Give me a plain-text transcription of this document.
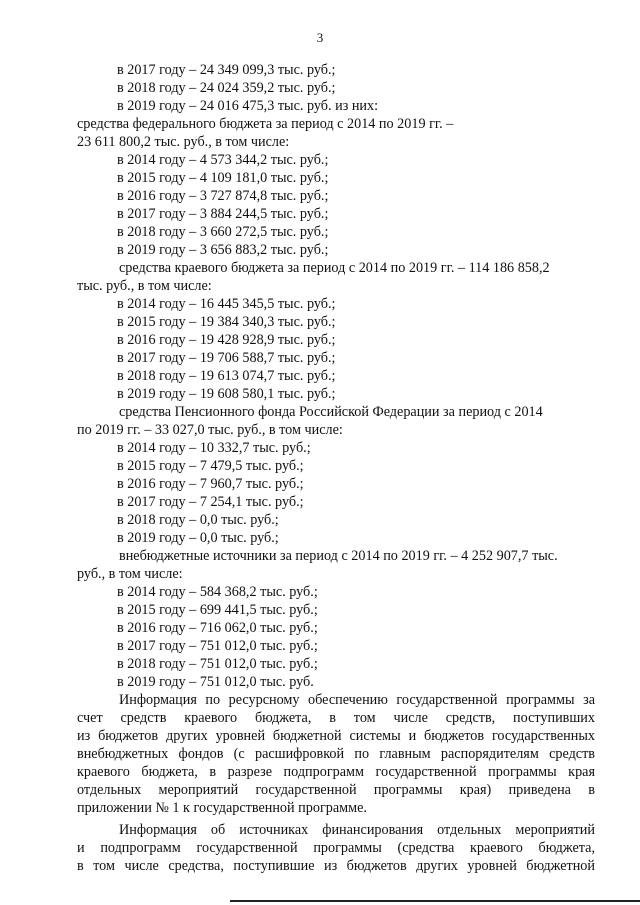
3
в 2017 году – 24 349 099,3 тыс. руб.;
в 2018 году – 24 024 359,2 тыс. руб.;
в 2019 году – 24 016 475,3 тыс. руб. из них:
средства федерального бюджета за период с 2014 по 2019 гг. –
23 611 800,2 тыс. руб., в том числе:
в 2014 году – 4 573 344,2 тыс. руб.;
в 2015 году – 4 109 181,0 тыс. руб.;
в 2016 году – 3 727 874,8 тыс. руб.;
в 2017 году – 3 884 244,5 тыс. руб.;
в 2018 году – 3 660 272,5 тыс. руб.;
в 2019 году – 3 656 883,2 тыс. руб.;
средства краевого бюджета за период с 2014 по 2019 гг. – 114 186 858,2
тыс. руб., в том числе:
в 2014 году – 16 445 345,5 тыс. руб.;
в 2015 году – 19 384 340,3 тыс. руб.;
в 2016 году – 19 428 928,9 тыс. руб.;
в 2017 году – 19 706 588,7 тыс. руб.;
в 2018 году – 19 613 074,7 тыс. руб.;
в 2019 году – 19 608 580,1 тыс. руб.;
средства Пенсионного фонда Российской Федерации за период с 2014
по 2019 гг. – 33 027,0 тыс. руб., в том числе:
в 2014 году – 10 332,7 тыс. руб.;
в 2015 году – 7 479,5 тыс. руб.;
в 2016 году – 7 960,7 тыс. руб.;
в 2017 году – 7 254,1 тыс. руб.;
в 2018 году – 0,0 тыс. руб.;
в 2019 году – 0,0 тыс. руб.;
внебюджетные источники за период с 2014 по 2019 гг. – 4 252 907,7 тыс.
руб., в том числе:
в 2014 году – 584 368,2 тыс. руб.;
в 2015 году – 699 441,5 тыс. руб.;
в 2016 году – 716 062,0 тыс. руб.;
в 2017 году – 751 012,0 тыс. руб.;
в 2018 году – 751 012,0 тыс. руб.;
в 2019 году – 751 012,0 тыс. руб.
Информация по ресурсному обеспечению государственной программы за
счет средств краевого бюджета, в том числе средств, поступивших
из бюджетов других уровней бюджетной системы и бюджетов государственных
внебюджетных фондов (с расшифровкой по главным распорядителям средств
краевого бюджета, в разрезе подпрограмм государственной программы края
отдельных мероприятий государственной программы края) приведена в
приложении № 1 к государственной программе.
Информация об источниках финансирования отдельных мероприятий
и подпрограмм государственной программы (средства краевого бюджета,
в том числе средства, поступившие из бюджетов других уровней бюджетной
